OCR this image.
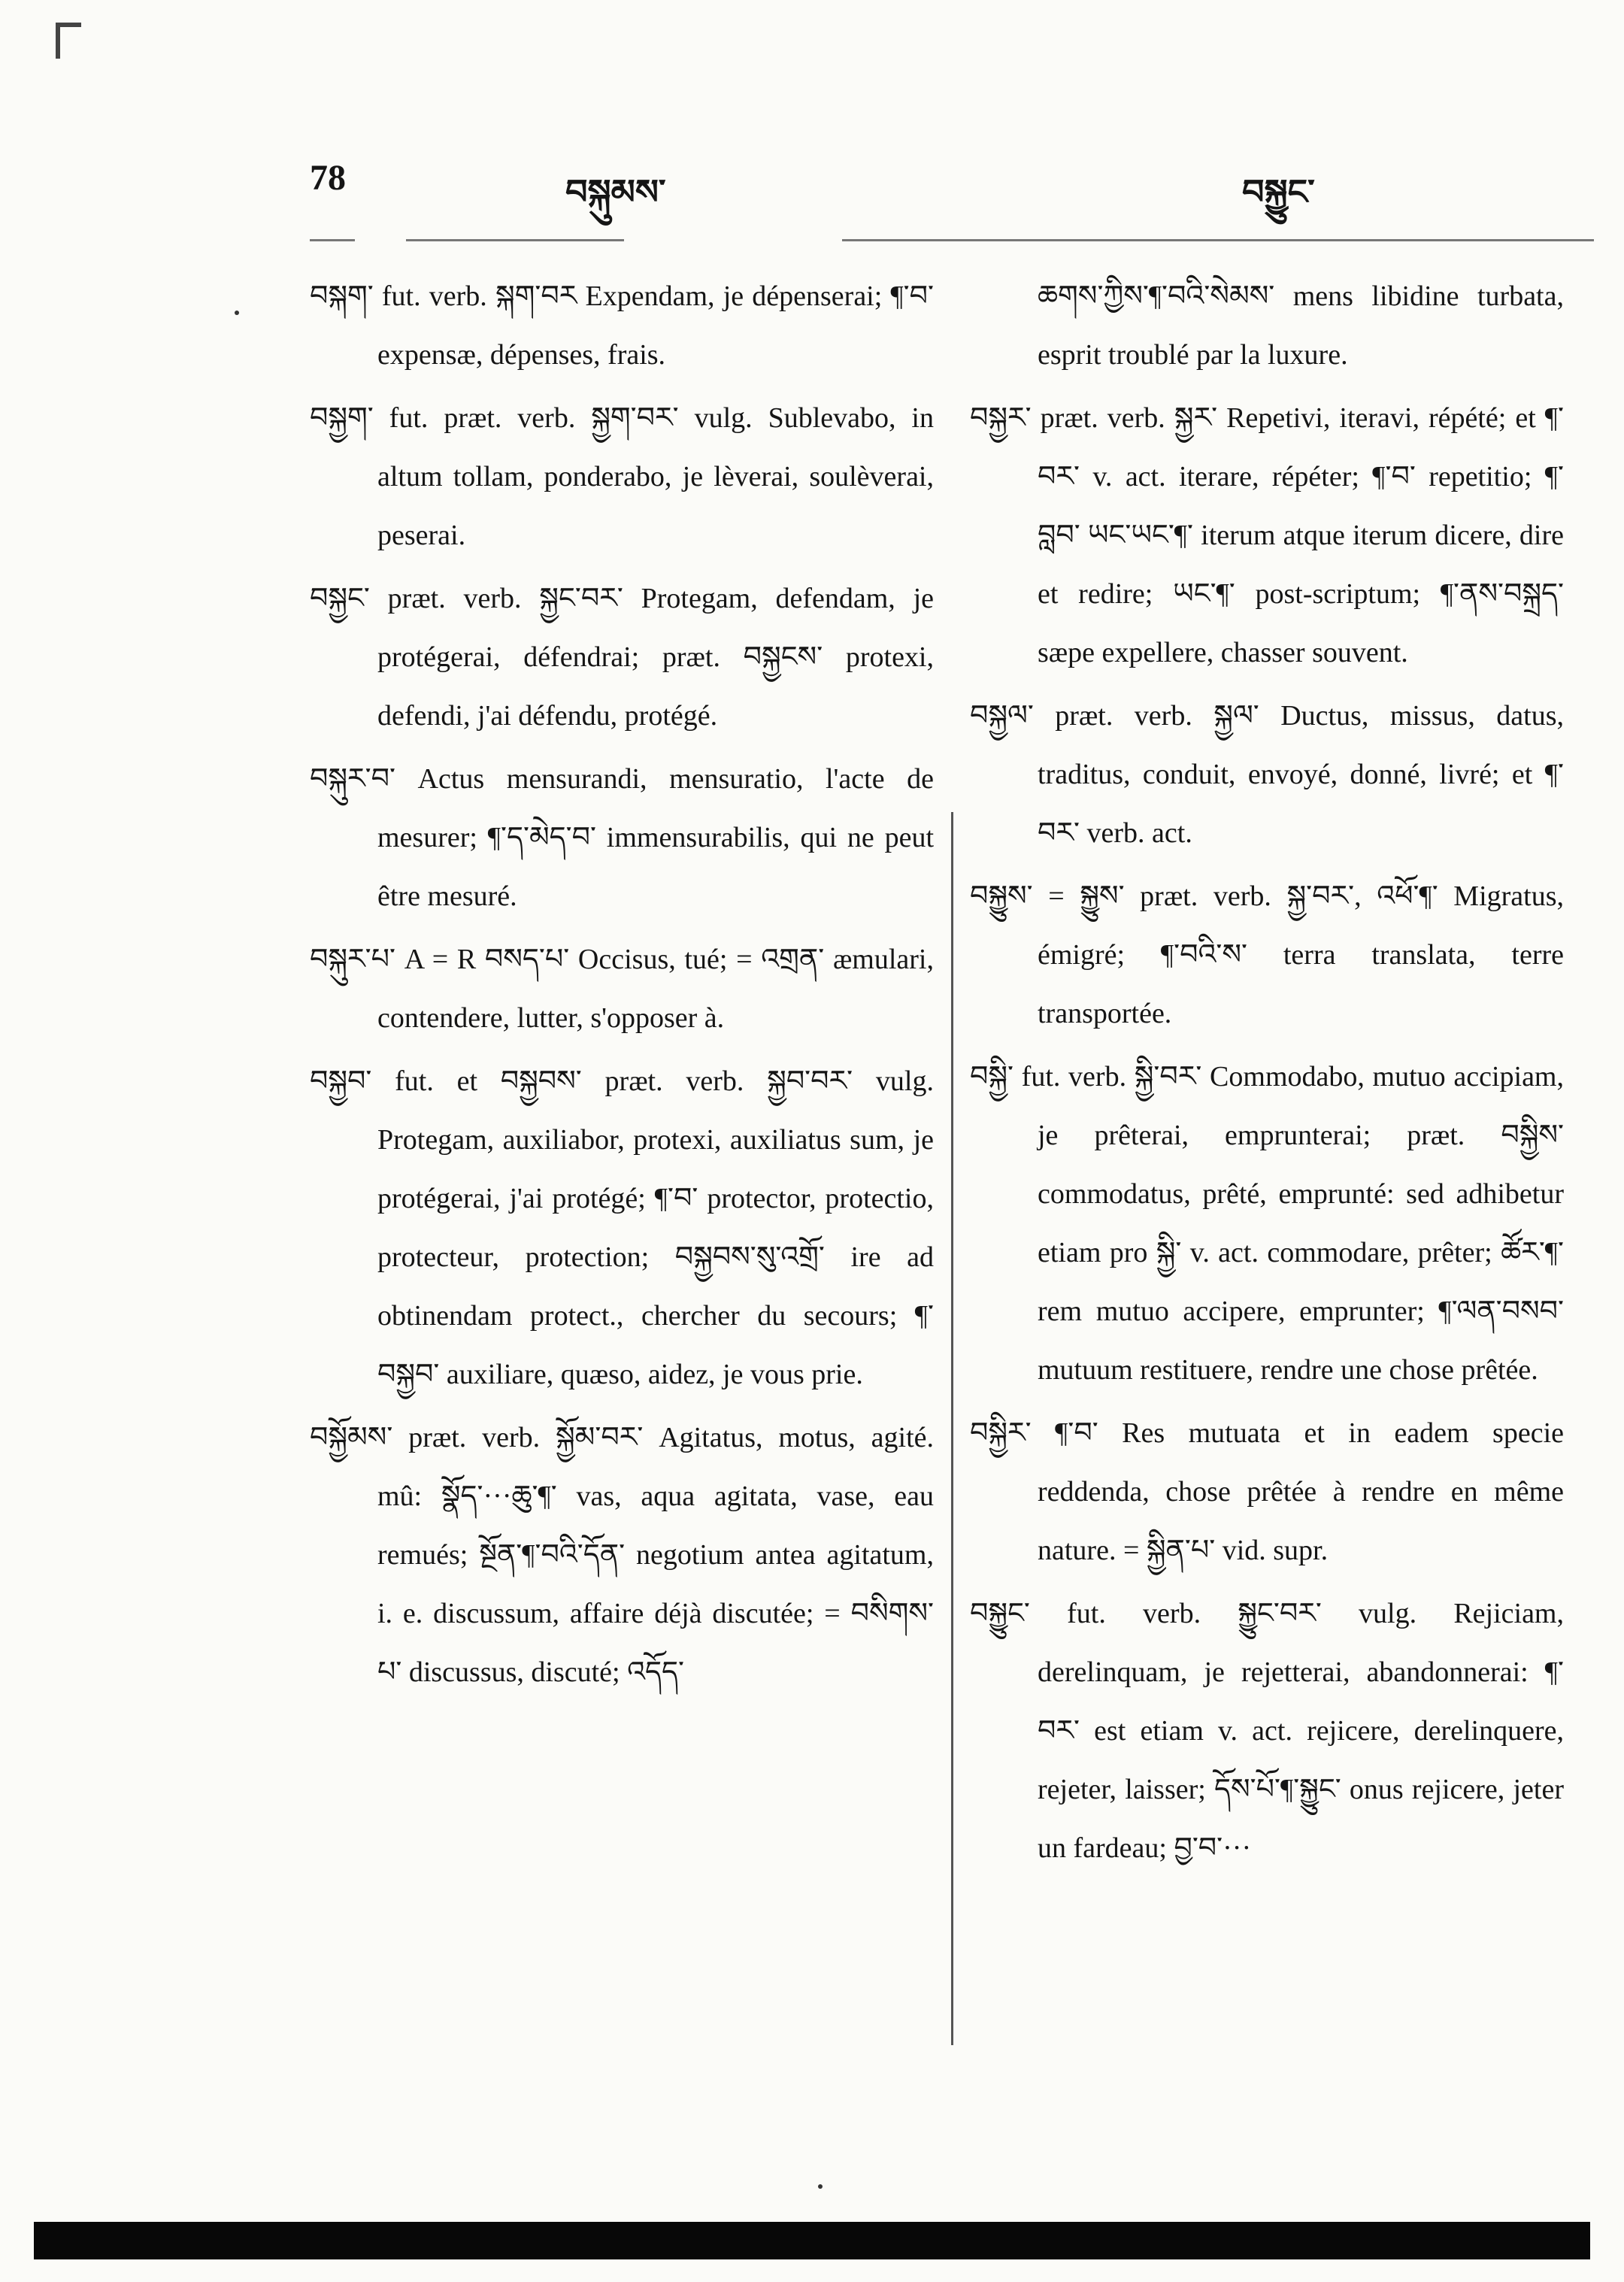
78	བསྐུམས་	བསྐྱུང་

བསྐག་ fut. verb. སྐག་བར Expendam, je dépenserai; ¶་བ་ expensæ, dépenses, frais.

བསྐྱག་ fut. præt. verb. སྐྱག་བར་ vulg. Sublevabo, in altum tollam, ponderabo, je lèverai, soulèverai, peserai.

བསྐྱང་ præt. verb. སྐྱང་བར་ Protegam, defendam, je protégerai, défendrai; præt. བསྐྱངས་ protexi, defendi, j'ai défendu, protégé.

བསྐུར་བ་ Actus mensurandi, mensuratio, l'acte de mesurer; ¶་ད་མེད་བ་ immensurabilis, qui ne peut être mesuré.

བསྐུར་པ་ A = R བསད་པ་ Occisus, tué; = འགྲན་ æmulari, contendere, lutter, s'opposer à.

བསྐྱབ་ fut. et བསྐྱབས་ præt. verb. སྐྱབ་བར་ vulg. Protegam, auxiliabor, protexi, auxiliatus sum, je protégerai, j'ai protégé; ¶་བ་ protector, protectio, protecteur, protection; བསྐྱབས་སུ་འགྲོ་ ire ad obtinendam protect., chercher du secours; ¶་བསྐྱབ་ auxiliare, quæso, aidez, je vous prie.

བསྐྱོམས་ præt. verb. སྐྱོམ་བར་ Agitatus, motus, agité. mû: སྣོད་···ཆུ་¶་ vas, aqua agitata, vase, eau remués; སྔོན་¶་བའི་དོན་ negotium antea agitatum, i. e. discussum, affaire déjà discutée; = བསིགས་པ་ discussus, discuté; འདོད་

ཆགས་ཀྱིས་¶་བའི་སེམས་ mens libidine turbata, esprit troublé par la luxure.

བསྐྱར་ præt. verb. སྐྱར་ Repetivi, iteravi, répété; et ¶་བར་ v. act. iterare, répéter; ¶་བ་ repetitio; ¶་བླབ་ ཡང་ཡང་¶་ iterum atque iterum dicere, dire et redire; ཡང་¶་ post-scriptum; ¶་ནས་བསྐྲད་ sæpe expellere, chasser souvent.

བསྐྱལ་ præt. verb. སྐྱལ་ Ductus, missus, datus, traditus, conduit, envoyé, donné, livré; et ¶་བར་ verb. act.

བསྐྱུས་ = སྐྱུས་ præt. verb. སྐྱ་བར་, འཕོ་¶་ Migratus, émigré; ¶་བའི་ས་ terra translata, terre transportée.

བསྐྱི་ fut. verb. སྐྱི་བར་ Commodabo, mutuo accipiam, je prêterai, emprunterai; præt. བསྐྱིས་ commodatus, prêté, emprunté: sed adhibetur etiam pro སྐྱི་ v. act. commodare, prêter; ཚོར་¶་ rem mutuo accipere, emprunter; ¶་ལན་བསབ་ mutuum restituere, rendre une chose prêtée.

བསྐྱིར་ ¶་བ་ Res mutuata et in eadem specie reddenda, chose prêtée à rendre en même nature. = སྐྱིན་པ་ vid. supr.

བསྐྱུང་ fut. verb. སྐྱུང་བར་ vulg. Rejiciam, derelinquam, je rejetterai, abandonnerai: ¶་བར་ est etiam v. act. rejicere, derelinquere, rejeter, laisser; དོས་པོ་¶་སྐྱུང་ onus rejicere, jeter un fardeau; བྱ་བ་···
